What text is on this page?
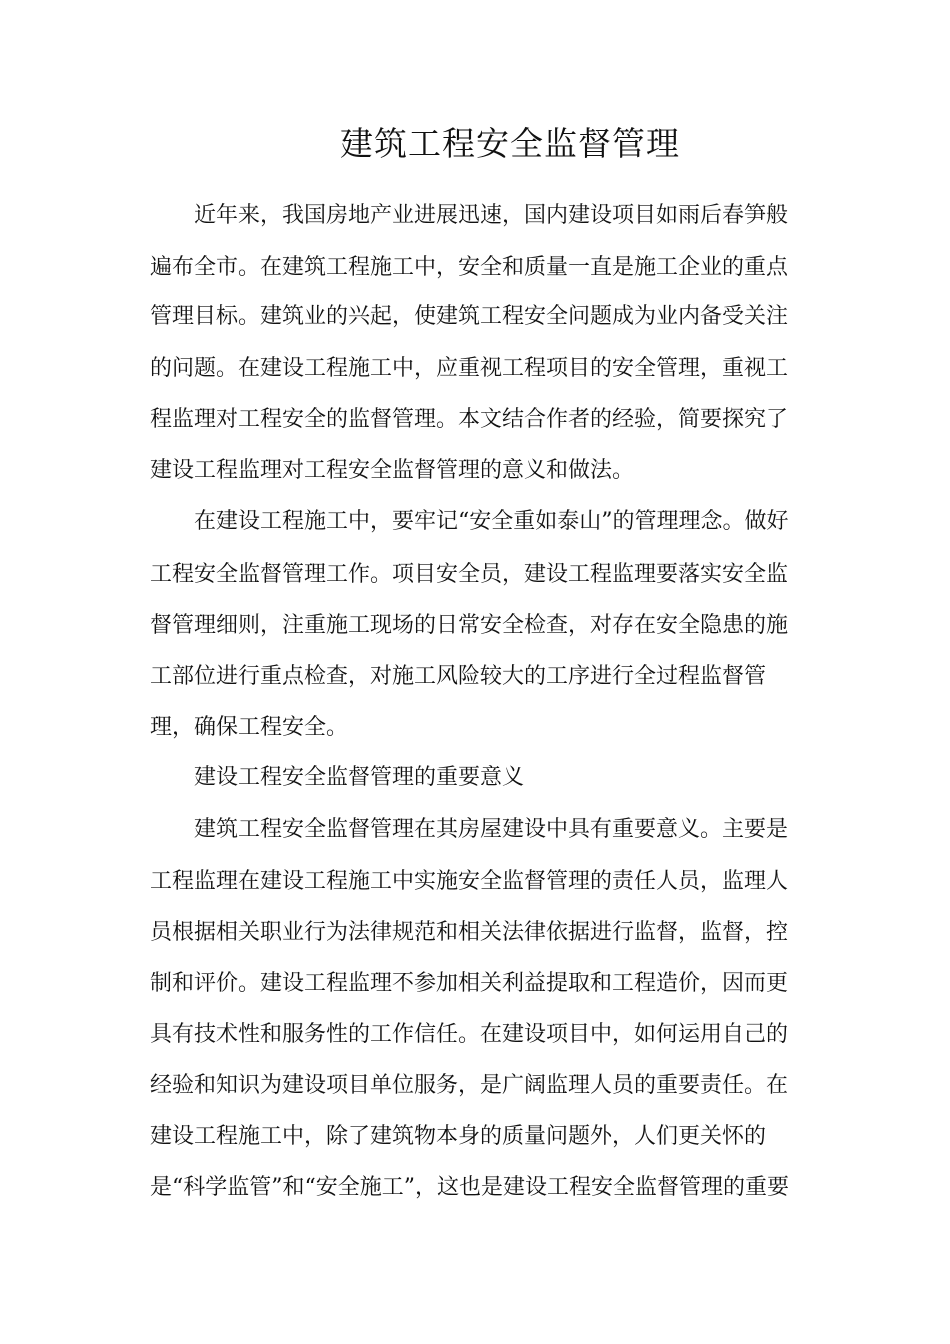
建筑工程安全监督管理
近年来，我国房地产业进展迅速，国内建设项目如雨后春笋般
遍布全市。在建筑工程施工中，安全和质量一直是施工企业的重点
管理目标。建筑业的兴起，使建筑工程安全问题成为业内备受关注
的问题。在建设工程施工中，应重视工程项目的安全管理，重视工
程监理对工程安全的监督管理。本文结合作者的经验，简要探究了
建设工程监理对工程安全监督管理的意义和做法。
在建设工程施工中，要牢记“安全重如泰山”的管理理念。做好
工程安全监督管理工作。项目安全员，建设工程监理要落实安全监
督管理细则，注重施工现场的日常安全检查，对存在安全隐患的施
工部位进行重点检查，对施工风险较大的工序进行全过程监督管
理，确保工程安全。
建设工程安全监督管理的重要意义
建筑工程安全监督管理在其房屋建设中具有重要意义。主要是
工程监理在建设工程施工中实施安全监督管理的责任人员，监理人
员根据相关职业行为法律规范和相关法律依据进行监督，监督，控
制和评价。建设工程监理不参加相关利益提取和工程造价，因而更
具有技术性和服务性的工作信任。在建设项目中，如何运用自己的
经验和知识为建设项目单位服务，是广阔监理人员的重要责任。在
建设工程施工中，除了建筑物本身的质量问题外，人们更关怀的
是“科学监管”和“安全施工”，这也是建设工程安全监督管理的重要
